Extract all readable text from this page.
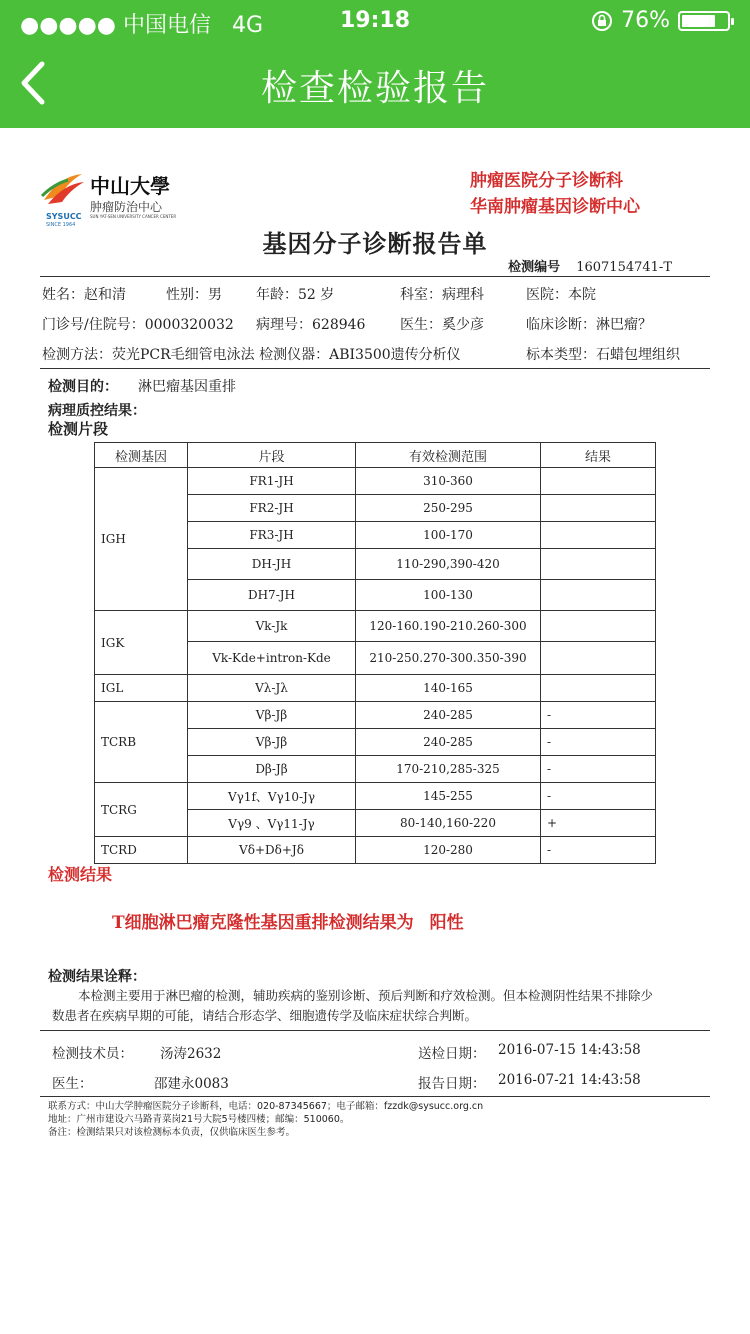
●●●●● 中国电信 4G	19:18	76%
检查检验报告
SYSUCC
中山大學
肿瘤防治中心
SUN YAT-SEN UNIVERSITY CANCER CENTER
SINCE 1964
肿瘤医院分子诊断科
华南肿瘤基因诊断中心
基因分子诊断报告单
检测编号 1607154741-T
姓名：赵和清	性别：男 年龄：52 岁	科室：病理科	医院：本院
门诊号/住院号：0000320032 病理号：628946 医生：奚少彦	临床诊断：淋巴瘤？
检测方法：荧光PCR毛细管电泳法 检测仪器：ABI3500遗传分析仪	标本类型：石蜡包埋组织
检测目的： 淋巴瘤基因重排
病理质控结果：
检测片段
检测基因	片段	有效检测范围	结果
IGH	FR1-JH	310-360	
	FR2-JH	250-295	
	FR3-JH	100-170	
	DH-JH	110-290,390-420	
	DH7-JH	100-130	
IGK	Vk-Jk	120-160.190-210.260-300	
	Vk-Kde+intron-Kde	210-250.270-300.350-390	
IGL	Vλ-Jλ	140-165	
TCRB	Vβ-Jβ	240-285	-
	Vβ-Jβ	240-285	-
	Dβ-Jβ	170-210,285-325	-
TCRG	Vγ1f、Vγ10-Jγ	145-255	-
	Vγ9 、Vγ11-Jγ	80-140,160-220	+
TCRD	Vδ+Dδ+Jδ	120-280	-
检测结果
T细胞淋巴瘤克隆性基因重排检测结果为 阳性
检测结果诠释：
本检测主要用于淋巴瘤的检测，辅助疾病的鉴别诊断、预后判断和疗效检测。但本检测阴性结果不排除少数患者在疾病早期的可能，请结合形态学、细胞遗传学及临床症状综合判断。
检测技术员： 汤涛2632	送检日期： 2016-07-15 14:43:58
医生：	邵建永0083	报告日期： 2016-07-21 14:43:58
联系方式：中山大学肿瘤医院分子诊断科，电话：020-87345667；电子邮箱：fzzdk@sysucc.org.cn
地址：广州市建设六马路青菜岗21号大院5号楼四楼；邮编：510060。
备注：检测结果只对该检测标本负责，仅供临床医生参考。
